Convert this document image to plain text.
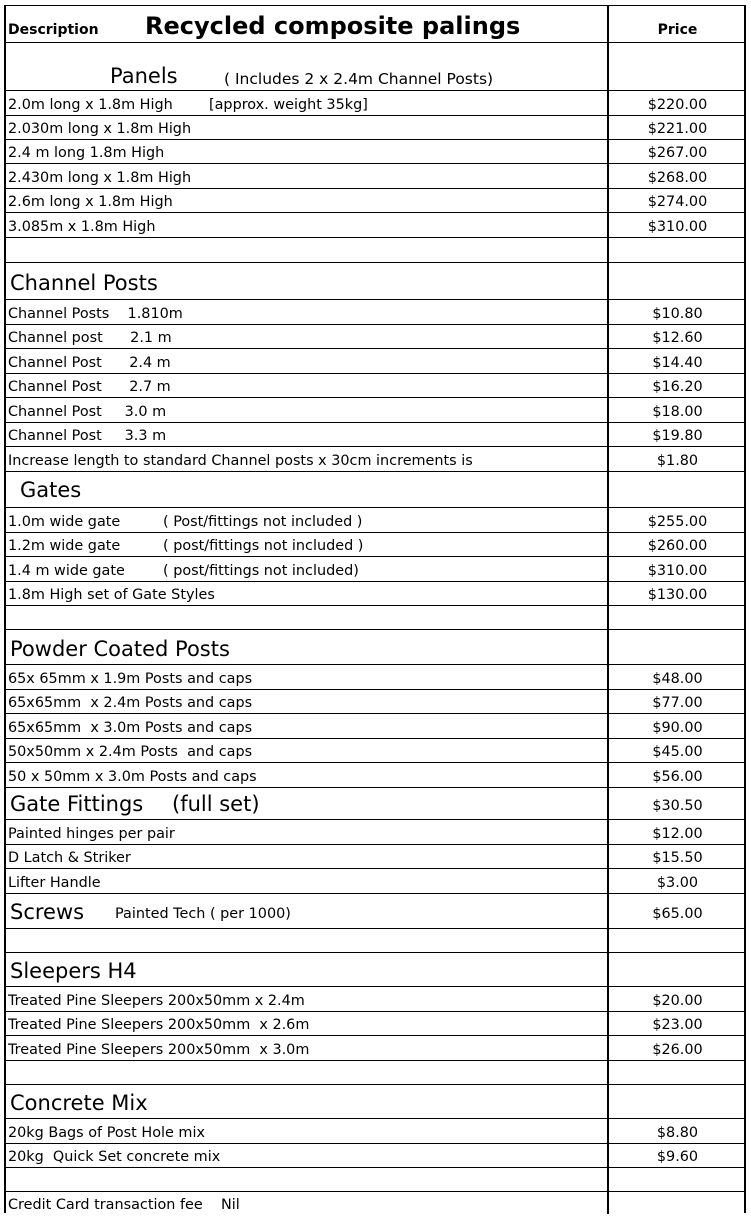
Description Recycled composite palings	Price
Panels	( Includes 2 x 2.4m Channel Posts)
2.0m long x 1.8m High	[approx. weight 35kg]	$220.00
2.030m long x 1.8m High	$221.00
2.4 m long 1.8m High	$267.00
2.430m long x 1.8m High	$268.00
2.6m long x 1.8m High	$274.00
3.085m x 1.8m High	$310.00
Channel Posts
Channel Posts    1.810m	$10.80
Channel post      2.1 m	$12.60
Channel Post      2.4 m	$14.40
Channel Post      2.7 m	$16.20
Channel Post     3.0 m	$18.00
Channel Post     3.3 m	$19.80
Increase length to standard Channel posts x 30cm increments is	$1.80
Gates
1.0m wide gate	( Post/fittings not included )	$255.00
1.2m wide gate	( post/fittings not included )	$260.00
1.4 m wide gate	( post/fittings not included)	$310.00
1.8m High set of Gate Styles	$130.00
Powder Coated Posts
65x 65mm x 1.9m Posts and caps	$48.00
65x65mm  x 2.4m Posts and caps	$77.00
65x65mm  x 3.0m Posts and caps	$90.00
50x50mm x 2.4m Posts  and caps	$45.00
50 x 50mm x 3.0m Posts and caps	$56.00
Gate Fittings (full set)	$30.50
Painted hinges per pair	$12.00
D Latch & Striker	$15.50
Lifter Handle	$3.00
Screws Painted Tech ( per 1000)	$65.00
Sleepers H4
Treated Pine Sleepers 200x50mm x 2.4m	$20.00
Treated Pine Sleepers 200x50mm  x 2.6m	$23.00
Treated Pine Sleepers 200x50mm  x 3.0m	$26.00
Concrete Mix
20kg Bags of Post Hole mix	$8.80
20kg  Quick Set concrete mix	$9.60
Credit Card transaction fee    Nil
